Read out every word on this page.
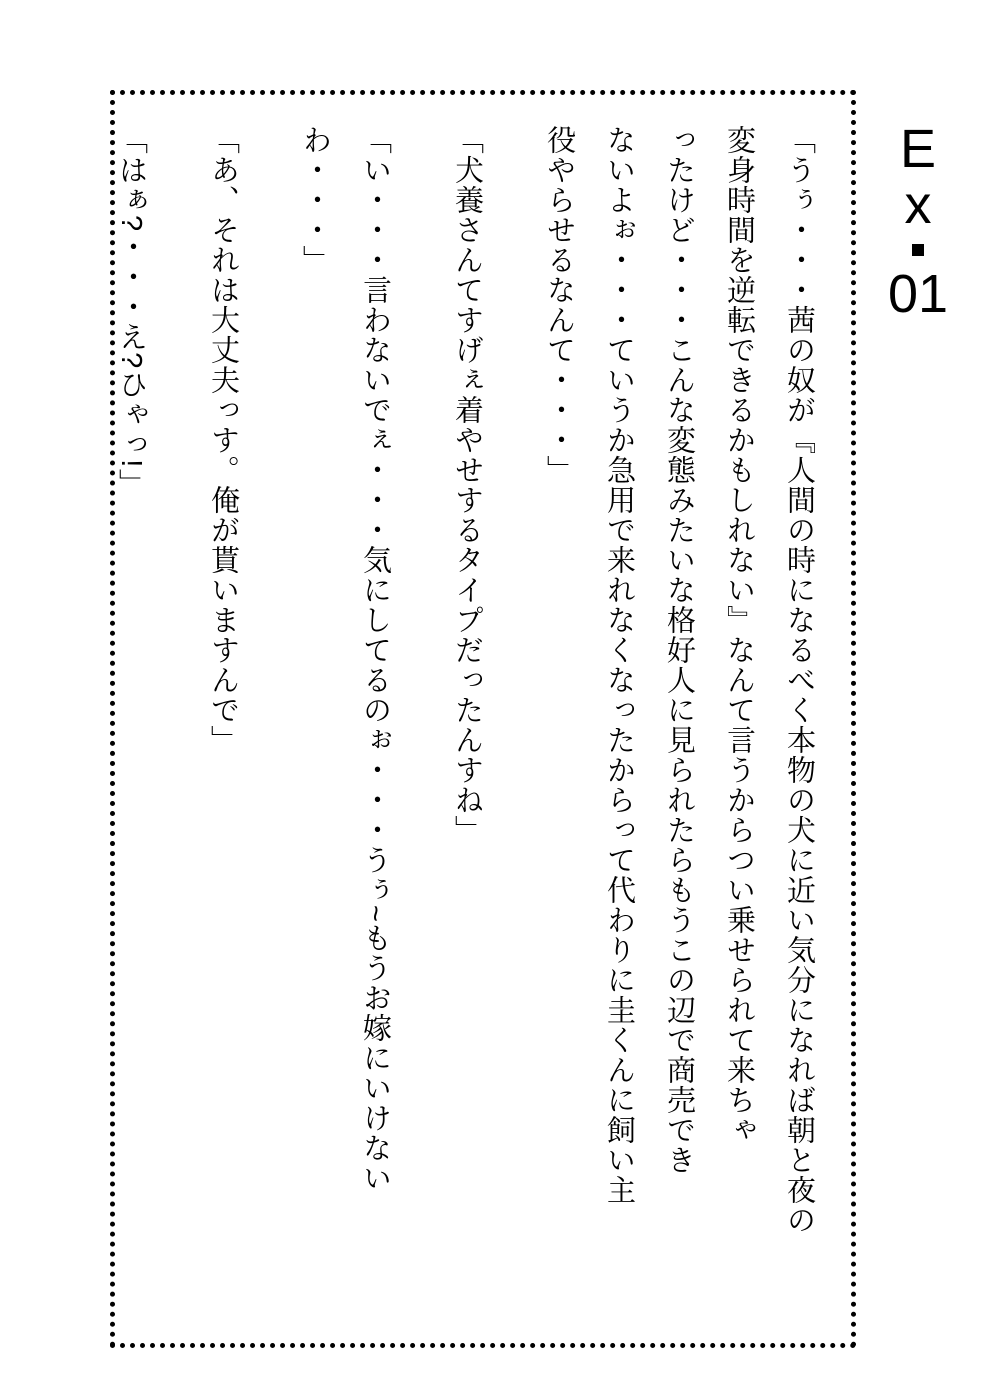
E
x
01

「うぅ・・・茜の奴が『人間の時になるべく本物の犬に近い気分になれば朝と夜の
変身時間を逆転できるかもしれない』なんて言うからつい乗せられて来ちゃ
ったけど・・・こんな変態みたいな格好人に見られたらもうこの辺で商売でき
ないよぉ・・・ていうか急用で来れなくなったからって代わりに圭くんに飼い主
役やらせるなんて・・・」

「犬養さんてすげぇ着やせするタイプだったんすね」

「い・・・言わないでぇ・・・気にしてるのぉ・・・うぅ~もうお嫁にいけないわ・・・」

「あ、それは大丈夫っす。俺が貰いますんで」

「はぁ?・・・え?ひゃっ!」
